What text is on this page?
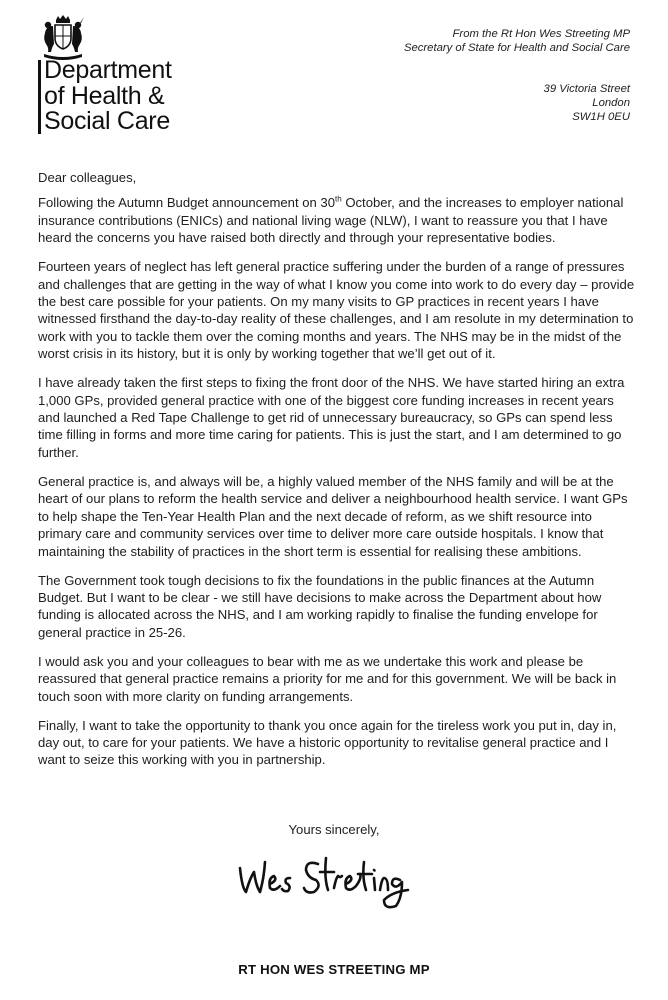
Department
of Health &
Social Care
From the Rt Hon Wes Streeting MP
Secretary of State for Health and Social Care
39 Victoria Street
London
SW1H 0EU

Dear colleagues,

Following the Autumn Budget announcement on 30th October, and the increases to employer national insurance contributions (ENICs) and national living wage (NLW), I want to reassure you that I have heard the concerns you have raised both directly and through your representative bodies.

Fourteen years of neglect has left general practice suffering under the burden of a range of pressures and challenges that are getting in the way of what I know you come into work to do every day – provide the best care possible for your patients. On my many visits to GP practices in recent years I have witnessed firsthand the day-to-day reality of these challenges, and I am resolute in my determination to work with you to tackle them over the coming months and years. The NHS may be in the midst of the worst crisis in its history, but it is only by working together that we’ll get out of it.

I have already taken the first steps to fixing the front door of the NHS. We have started hiring an extra 1,000 GPs, provided general practice with one of the biggest core funding increases in recent years and launched a Red Tape Challenge to get rid of unnecessary bureaucracy, so GPs can spend less time filling in forms and more time caring for patients. This is just the start, and I am determined to go further.

General practice is, and always will be, a highly valued member of the NHS family and will be at the heart of our plans to reform the health service and deliver a neighbourhood health service. I want GPs to help shape the Ten-Year Health Plan and the next decade of reform, as we shift resource into primary care and community services over time to deliver more care outside hospitals. I know that maintaining the stability of practices in the short term is essential for realising these ambitions.

The Government took tough decisions to fix the foundations in the public finances at the Autumn Budget. But I want to be clear - we still have decisions to make across the Department about how funding is allocated across the NHS, and I am working rapidly to finalise the funding envelope for general practice in 25-26.

I would ask you and your colleagues to bear with me as we undertake this work and please be reassured that general practice remains a priority for me and for this government. We will be back in touch soon with more clarity on funding arrangements.

Finally, I want to take the opportunity to thank you once again for the tireless work you put in, day in, day out, to care for your patients. We have a historic opportunity to revitalise general practice and I want to seize this working with you in partnership.

Yours sincerely,
RT HON WES STREETING MP
